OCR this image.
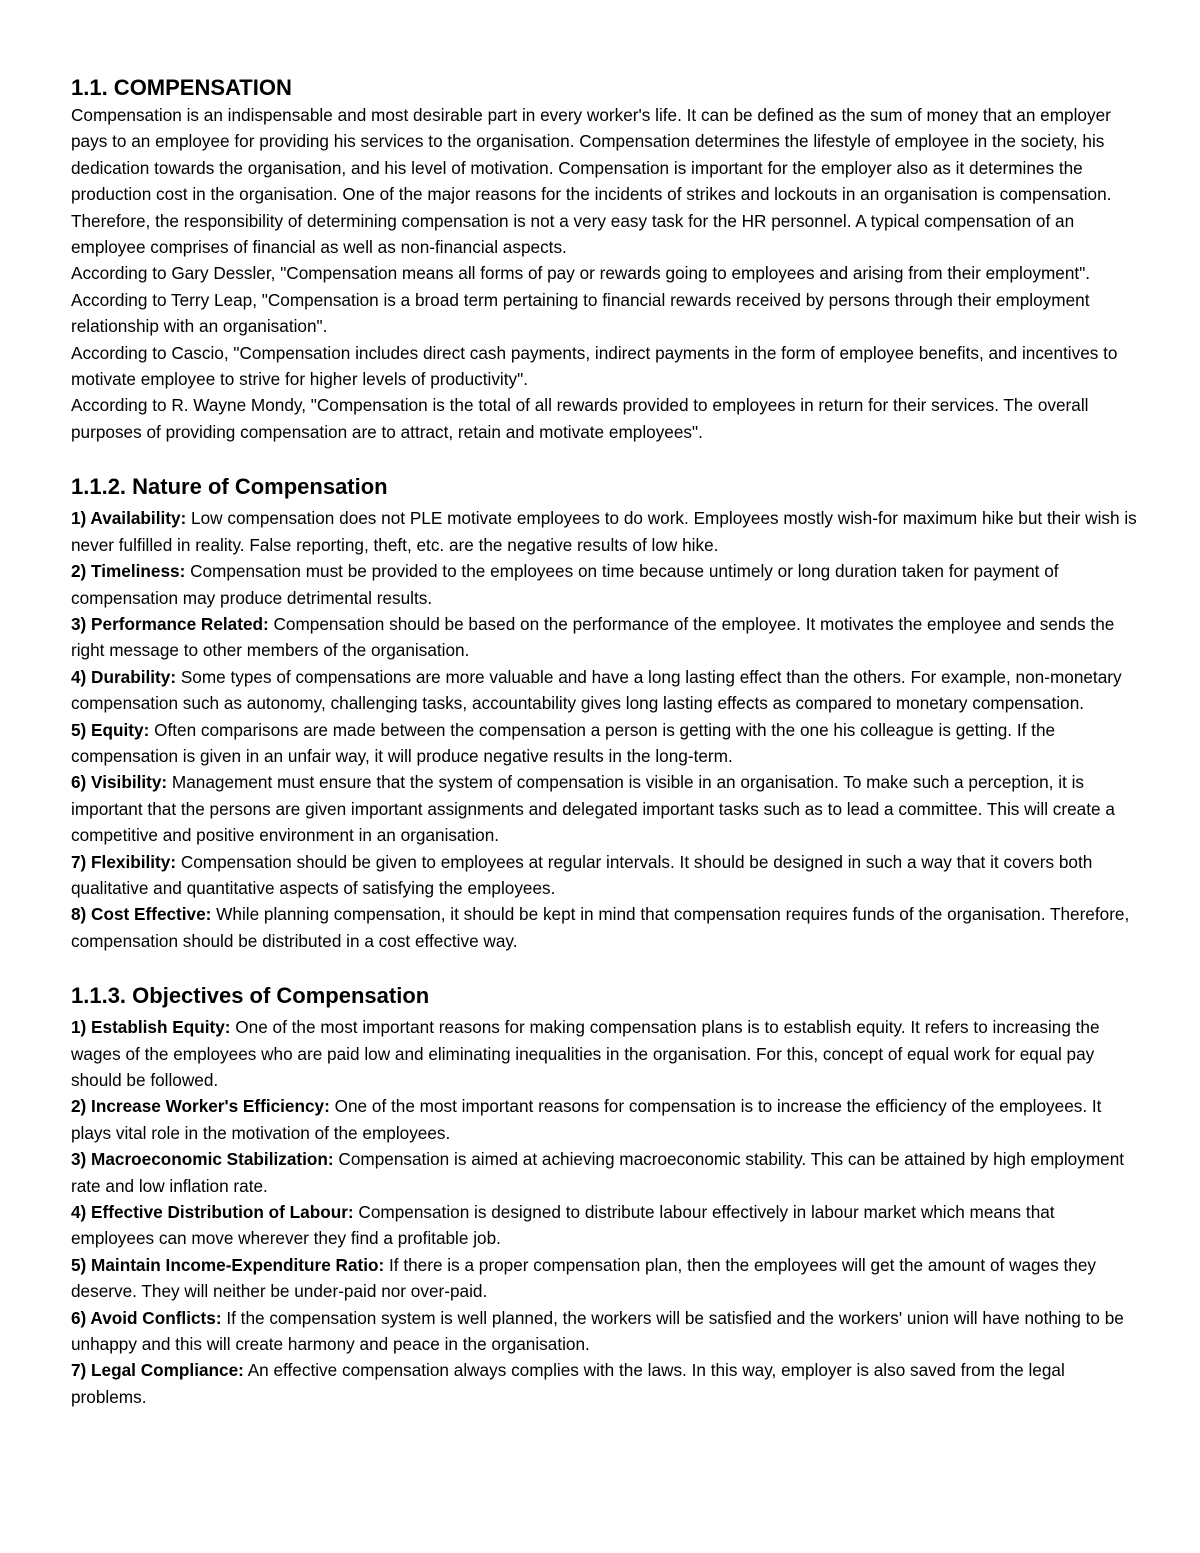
1.1. COMPENSATION

Compensation is an indispensable and most desirable part in every worker's life. It can be defined as the sum of money that an employer pays to an employee for providing his services to the organisation. Compensation determines the lifestyle of employee in the society, his dedication towards the organisation, and his level of motivation. Compensation is important for the employer also as it determines the production cost in the organisation. One of the major reasons for the incidents of strikes and lockouts in an organisation is compensation. Therefore, the responsibility of determining compensation is not a very easy task for the HR personnel. A typical compensation of an employee comprises of financial as well as non-financial aspects.

According to Gary Dessler, "Compensation means all forms of pay or rewards going to employees and arising from their employment".

According to Terry Leap, "Compensation is a broad term pertaining to financial rewards received by persons through their employment relationship with an organisation".

According to Cascio, "Compensation includes direct cash payments, indirect payments in the form of employee benefits, and incentives to motivate employee to strive for higher levels of productivity".

According to R. Wayne Mondy, "Compensation is the total of all rewards provided to employees in return for their services. The overall purposes of providing compensation are to attract, retain and motivate employees".

1.1.2. Nature of Compensation

1) Availability: Low compensation does not PLE motivate employees to do work. Employees mostly wish-for maximum hike but their wish is never fulfilled in reality. False reporting, theft, etc. are the negative results of low hike.

2) Timeliness: Compensation must be provided to the employees on time because untimely or long duration taken for payment of compensation may produce detrimental results.

3) Performance Related: Compensation should be based on the performance of the employee. It motivates the employee and sends the right message to other members of the organisation.

4) Durability: Some types of compensations are more valuable and have a long lasting effect than the others. For example, non-monetary compensation such as autonomy, challenging tasks, accountability gives long lasting effects as compared to monetary compensation.

5) Equity: Often comparisons are made between the compensation a person is getting with the one his colleague is getting. If the compensation is given in an unfair way, it will produce negative results in the long-term.

6) Visibility: Management must ensure that the system of compensation is visible in an organisation. To make such a perception, it is important that the persons are given important assignments and delegated important tasks such as to lead a committee. This will create a competitive and positive environment in an organisation.

7) Flexibility: Compensation should be given to employees at regular intervals. It should be designed in such a way that it covers both qualitative and quantitative aspects of satisfying the employees.

8) Cost Effective: While planning compensation, it should be kept in mind that compensation requires funds of the organisation. Therefore, compensation should be distributed in a cost effective way.

1.1.3. Objectives of Compensation

1) Establish Equity: One of the most important reasons for making compensation plans is to establish equity. It refers to increasing the wages of the employees who are paid low and eliminating inequalities in the organisation. For this, concept of equal work for equal pay should be followed.

2) Increase Worker's Efficiency: One of the most important reasons for compensation is to increase the efficiency of the employees. It plays vital role in the motivation of the employees.

3) Macroeconomic Stabilization: Compensation is aimed at achieving macroeconomic stability. This can be attained by high employment rate and low inflation rate.

4) Effective Distribution of Labour: Compensation is designed to distribute labour effectively in labour market which means that employees can move wherever they find a profitable job.

5) Maintain Income-Expenditure Ratio: If there is a proper compensation plan, then the employees will get the amount of wages they deserve. They will neither be under-paid nor over-paid.

6) Avoid Conflicts: If the compensation system is well planned, the workers will be satisfied and the workers' union will have nothing to be unhappy and this will create harmony and peace in the organisation.

7) Legal Compliance: An effective compensation always complies with the laws. In this way, employer is also saved from the legal problems.
